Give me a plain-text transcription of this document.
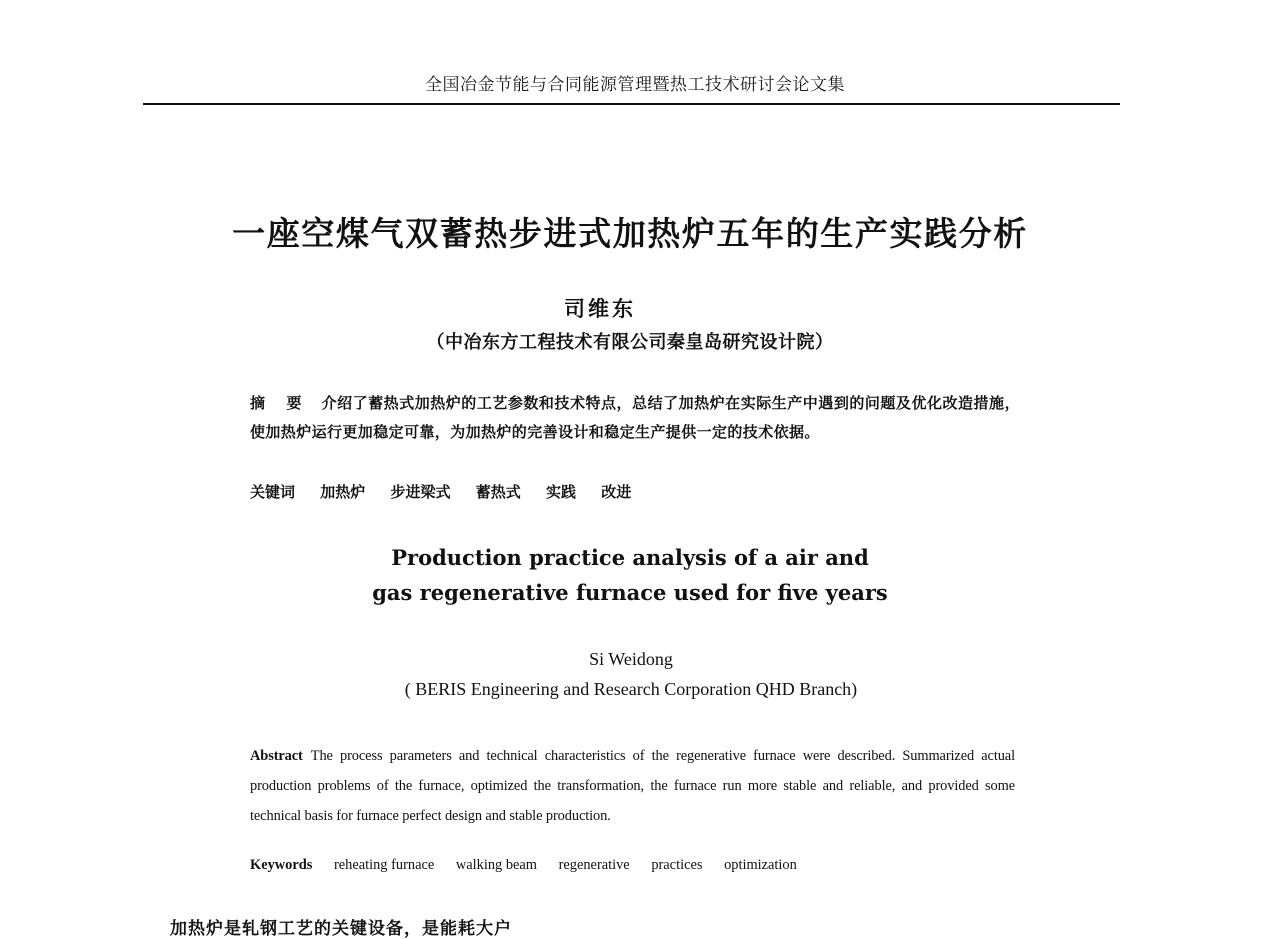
全国冶金节能与合同能源管理暨热工技术研讨会论文集
一座空煤气双蓄热步进式加热炉五年的生产实践分析
司维东
（中冶东方工程技术有限公司秦皇岛研究设计院）
摘 要 介绍了蓄热式加热炉的工艺参数和技术特点，总结了加热炉在实际生产中遇到的问题及优化改造措施，使加热炉运行更加稳定可靠，为加热炉的完善设计和稳定生产提供一定的技术依据。
关键词 加热炉 步进梁式 蓄热式 实践 改进
Production practice analysis of a air and
gas regenerative furnace used for five years
Si Weidong
( BERIS Engineering and Research Corporation QHD Branch)
Abstract The process parameters and technical characteristics of the regenerative furnace were described. Summarized actual production problems of the furnace, optimized the transformation, the furnace run more stable and reliable, and provided some technical basis for furnace perfect design and stable production.
Keywords reheating furnace walking beam regenerative practices optimization
加热炉是轧钢工艺的关键设备，是能耗大户
